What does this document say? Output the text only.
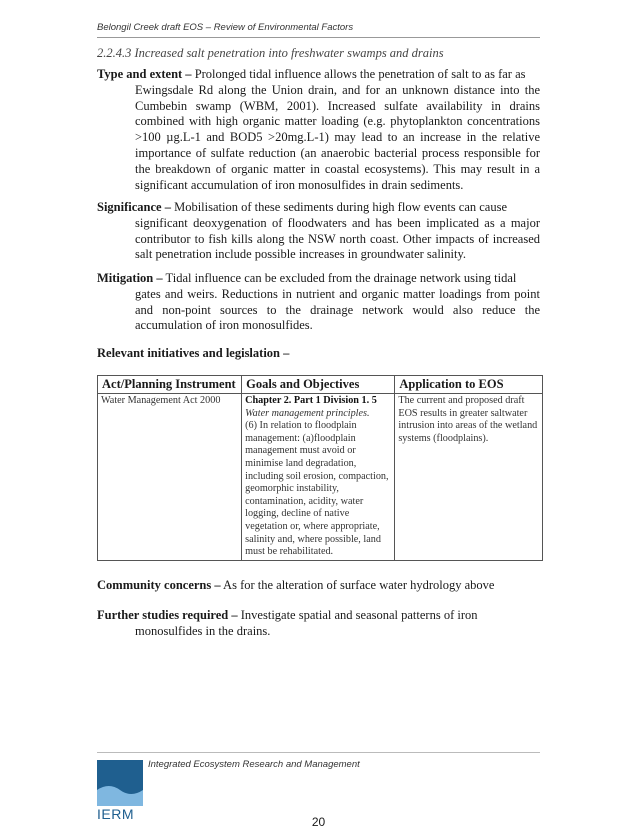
Belongil Creek draft EOS – Review of Environmental Factors
2.2.4.3 Increased salt penetration into freshwater swamps and drains
Type and extent – Prolonged tidal influence allows the penetration of salt to as far as
Ewingsdale Rd along the Union drain, and for an unknown distance into the Cumbebin swamp (WBM, 2001). Increased sulfate availability in drains combined with high organic matter loading (e.g. phytoplankton concentrations >100 µg.L-1 and BOD5 >20mg.L-1) may lead to an increase in the relative importance of sulfate reduction (an anaerobic bacterial process responsible for the breakdown of organic matter in coastal ecosystems). This may result in a significant accumulation of iron monosulfides in drain sediments.
Significance – Mobilisation of these sediments during high flow events can cause
significant deoxygenation of floodwaters and has been implicated as a major contributor to fish kills along the NSW north coast. Other impacts of increased salt penetration include possible increases in groundwater salinity.
Mitigation – Tidal influence can be excluded from the drainage network using tidal
gates and weirs. Reductions in nutrient and organic matter loadings from point and non-point sources to the drainage network would also reduce the accumulation of iron monosulfides.
Relevant initiatives and legislation –
Act/Planning Instrument	Goals and Objectives	Application to EOS
Water Management Act 2000	Chapter 2. Part 1 Division 1. 5
Water management principles.
(6) In relation to floodplain management: (a)floodplain management must avoid or minimise land degradation, including soil erosion, compaction, geomorphic instability, contamination, acidity, water logging, decline of native vegetation or, where appropriate, salinity and, where possible, land must be rehabilitated.	The current and proposed draft EOS results in greater saltwater intrusion into areas of the wetland systems (floodplains).
Community concerns – As for the alteration of surface water hydrology above
Further studies required – Investigate spatial and seasonal patterns of iron
monosulfides in the drains.
Integrated Ecosystem Research and Management
IERM	20
